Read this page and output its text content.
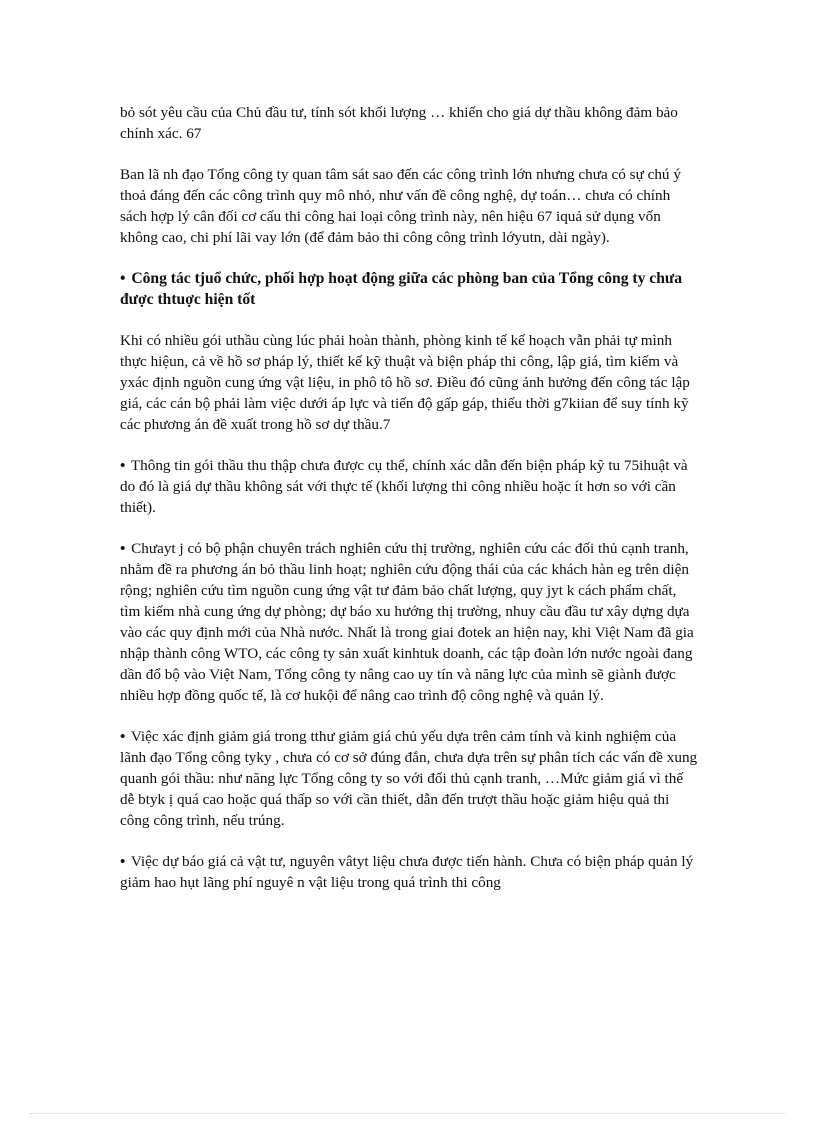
bỏ sót yêu cầu của Chủ đầu tư, tính sót khối lượng … khiến cho giá dự thầu không đảm bảo chính xác. 67

Ban lã nh đạo Tổng công ty quan tâm sát sao đến các công trình lớn nhưng chưa có sự chú ý thoả đáng đến các công trình quy mô nhỏ, như vấn đề công nghệ, dự toán… chưa có chính sách hợp lý cân đối cơ cấu thi công hai loại công trình này, nên hiệu 67 iquả sử dụng vốn không cao, chi phí lãi vay lớn (để đảm bảo thi công công trình lớyutn, dài ngày).

• Công tác tjuổ chức, phối hợp hoạt động giữa các phòng ban của Tổng công ty chưa được thtuợc hiện tốt

Khi có nhiều gói uthầu cùng lúc phải hoàn thành, phòng kinh tế kế hoạch vẫn phải tự mình thực hiệun, cả về hồ sơ pháp lý, thiết kế kỹ thuật và biện pháp thi công, lập giá, tìm kiếm và yxác định nguồn cung ứng vật liệu, in phô tô hồ sơ. Điều đó cũng ảnh hưởng đến công tác lập giá, các cán bộ phải làm việc dưới áp lực và tiến độ gấp gáp, thiếu thời g7kiian để suy tính kỹ các phương án đề xuất trong hồ sơ dự thầu.7

• Thông tin gói thầu thu thập chưa được cụ thể, chính xác dẫn đến biện pháp kỹ tu 75ihuật và do đó là giá dự thầu không sát với thực tế (khối lượng thi công nhiều hoặc ít hơn so với cần thiết).

• Chưayt j có bộ phận chuyên trách nghiên cứu thị trường, nghiên cứu các đối thủ cạnh tranh, nhằm đề ra phương án bỏ thầu linh hoạt; nghiên cứu động thái của các khách hàn eg trên diện rộng; nghiên cứu tìm nguồn cung ứng vật tư đảm bảo chất lượng, quy jyt k cách phẩm chất, tìm kiếm nhà cung ứng dự phòng; dự báo xu hướng thị trường, nhuy cầu đầu tư xây dựng dựa vào các quy định mới của Nhà nước. Nhất là trong giai đotek an hiện nay, khi Việt Nam đã gia nhập thành công WTO, các công ty sản xuất kinhtuk doanh, các tập đoàn lớn nước ngoài đang dần đổ bộ vào Việt Nam, Tổng công ty nâng cao uy tín và năng lực của mình sẽ giành được nhiều hợp đồng quốc tế, là cơ hukội để nâng cao trình độ công nghệ và quản lý.

• Việc xác định giảm giá trong tthư giảm giá chủ yếu dựa trên cảm tính và kinh nghiệm của lãnh đạo Tổng công tyky , chưa có cơ sở đúng đắn, chưa dựa trên sự phân tích các vấn đề xung quanh gói thầu: như năng lực Tổng công ty so với đối thủ cạnh tranh, …Mức giảm giá vì thế dễ btyk ị quá cao hoặc quá thấp so với cần thiết, dẫn đến trượt thầu hoặc giảm hiệu quả thi công công trình, nếu trúng.

• Việc dự báo giá cả vật tư, nguyên vâtyt liệu chưa được tiến hành. Chưa có biện pháp quản lý giảm hao hụt lãng phí nguyê n vật liệu trong quá trình thi công
